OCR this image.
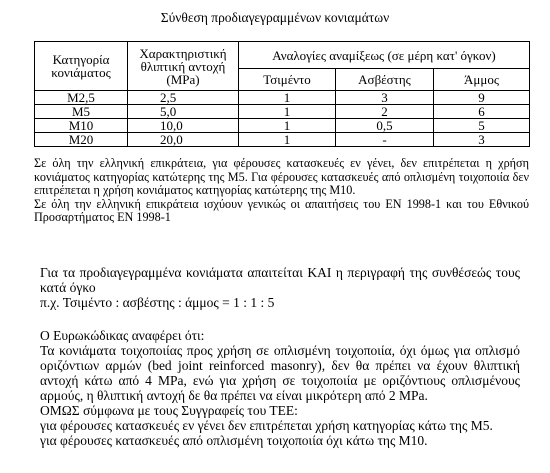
Σύνθεση προδιαγεγραμμένων κονιαμάτων
Κατηγορία κονιάματος	Χαρακτηριστική θλιπτική αντοχή (MPa)	Αναλογίες αναμίξεως (σε μέρη κατ' όγκον)		
		Τσιμέντο	Ασβέστης	Άμμος
M2,5	2,5	1	3	9
M5	5,0	1	2	6
M10	10,0	1	0,5	5
M20	20,0	1	-	3

Σε όλη την ελληνική επικράτεια, για φέρουσες κατασκευές εν γένει, δεν επιτρέπεται η χρήση κονιάματος κατηγορίας κατώτερης της Μ5. Για φέρουσες κατασκευές από οπλισμένη τοιχοποιία δεν επιτρέπεται η χρήση κονιάματος κατηγορίας κατώτερης της Μ10.

Σε όλη την ελληνική επικράτεια ισχύουν γενικώς οι απαιτήσεις του ΕΝ 1998-1 και του Εθνικού Προσαρτήματος ΕΝ 1998-1

Για τα προδιαγεγραμμένα κονιάματα απαιτείται ΚΑΙ η περιγραφή της συνθέσεώς τους κατά όγκο

π.χ. Τσιμέντο : ασβέστης : άμμος = 1 : 1 : 5

Ο Ευρωκώδικας αναφέρει ότι:

Τα κονιάματα τοιχοποιίας προς χρήση σε οπλισμένη τοιχοποιία, όχι όμως για οπλισμό οριζόντιων αρμών (bed joint reinforced masonry), δεν θα πρέπει να έχουν θλιπτική αντοχή κάτω από 4 MPa, ενώ για χρήση σε τοιχοποιία με οριζόντιους οπλισμένους αρμούς, η θλιπτική αντοχή δε θα πρέπει να είναι μικρότερη από 2 MPa.

ΟΜΩΣ σύμφωνα με τους Συγγραφείς του ΤΕΕ:

για φέρουσες κατασκευές εν γένει δεν επιτρέπεται χρήση κατηγορίας κάτω της Μ5.

για φέρουσες κατασκευές από οπλισμένη τοιχοποιία όχι κάτω της Μ10.
